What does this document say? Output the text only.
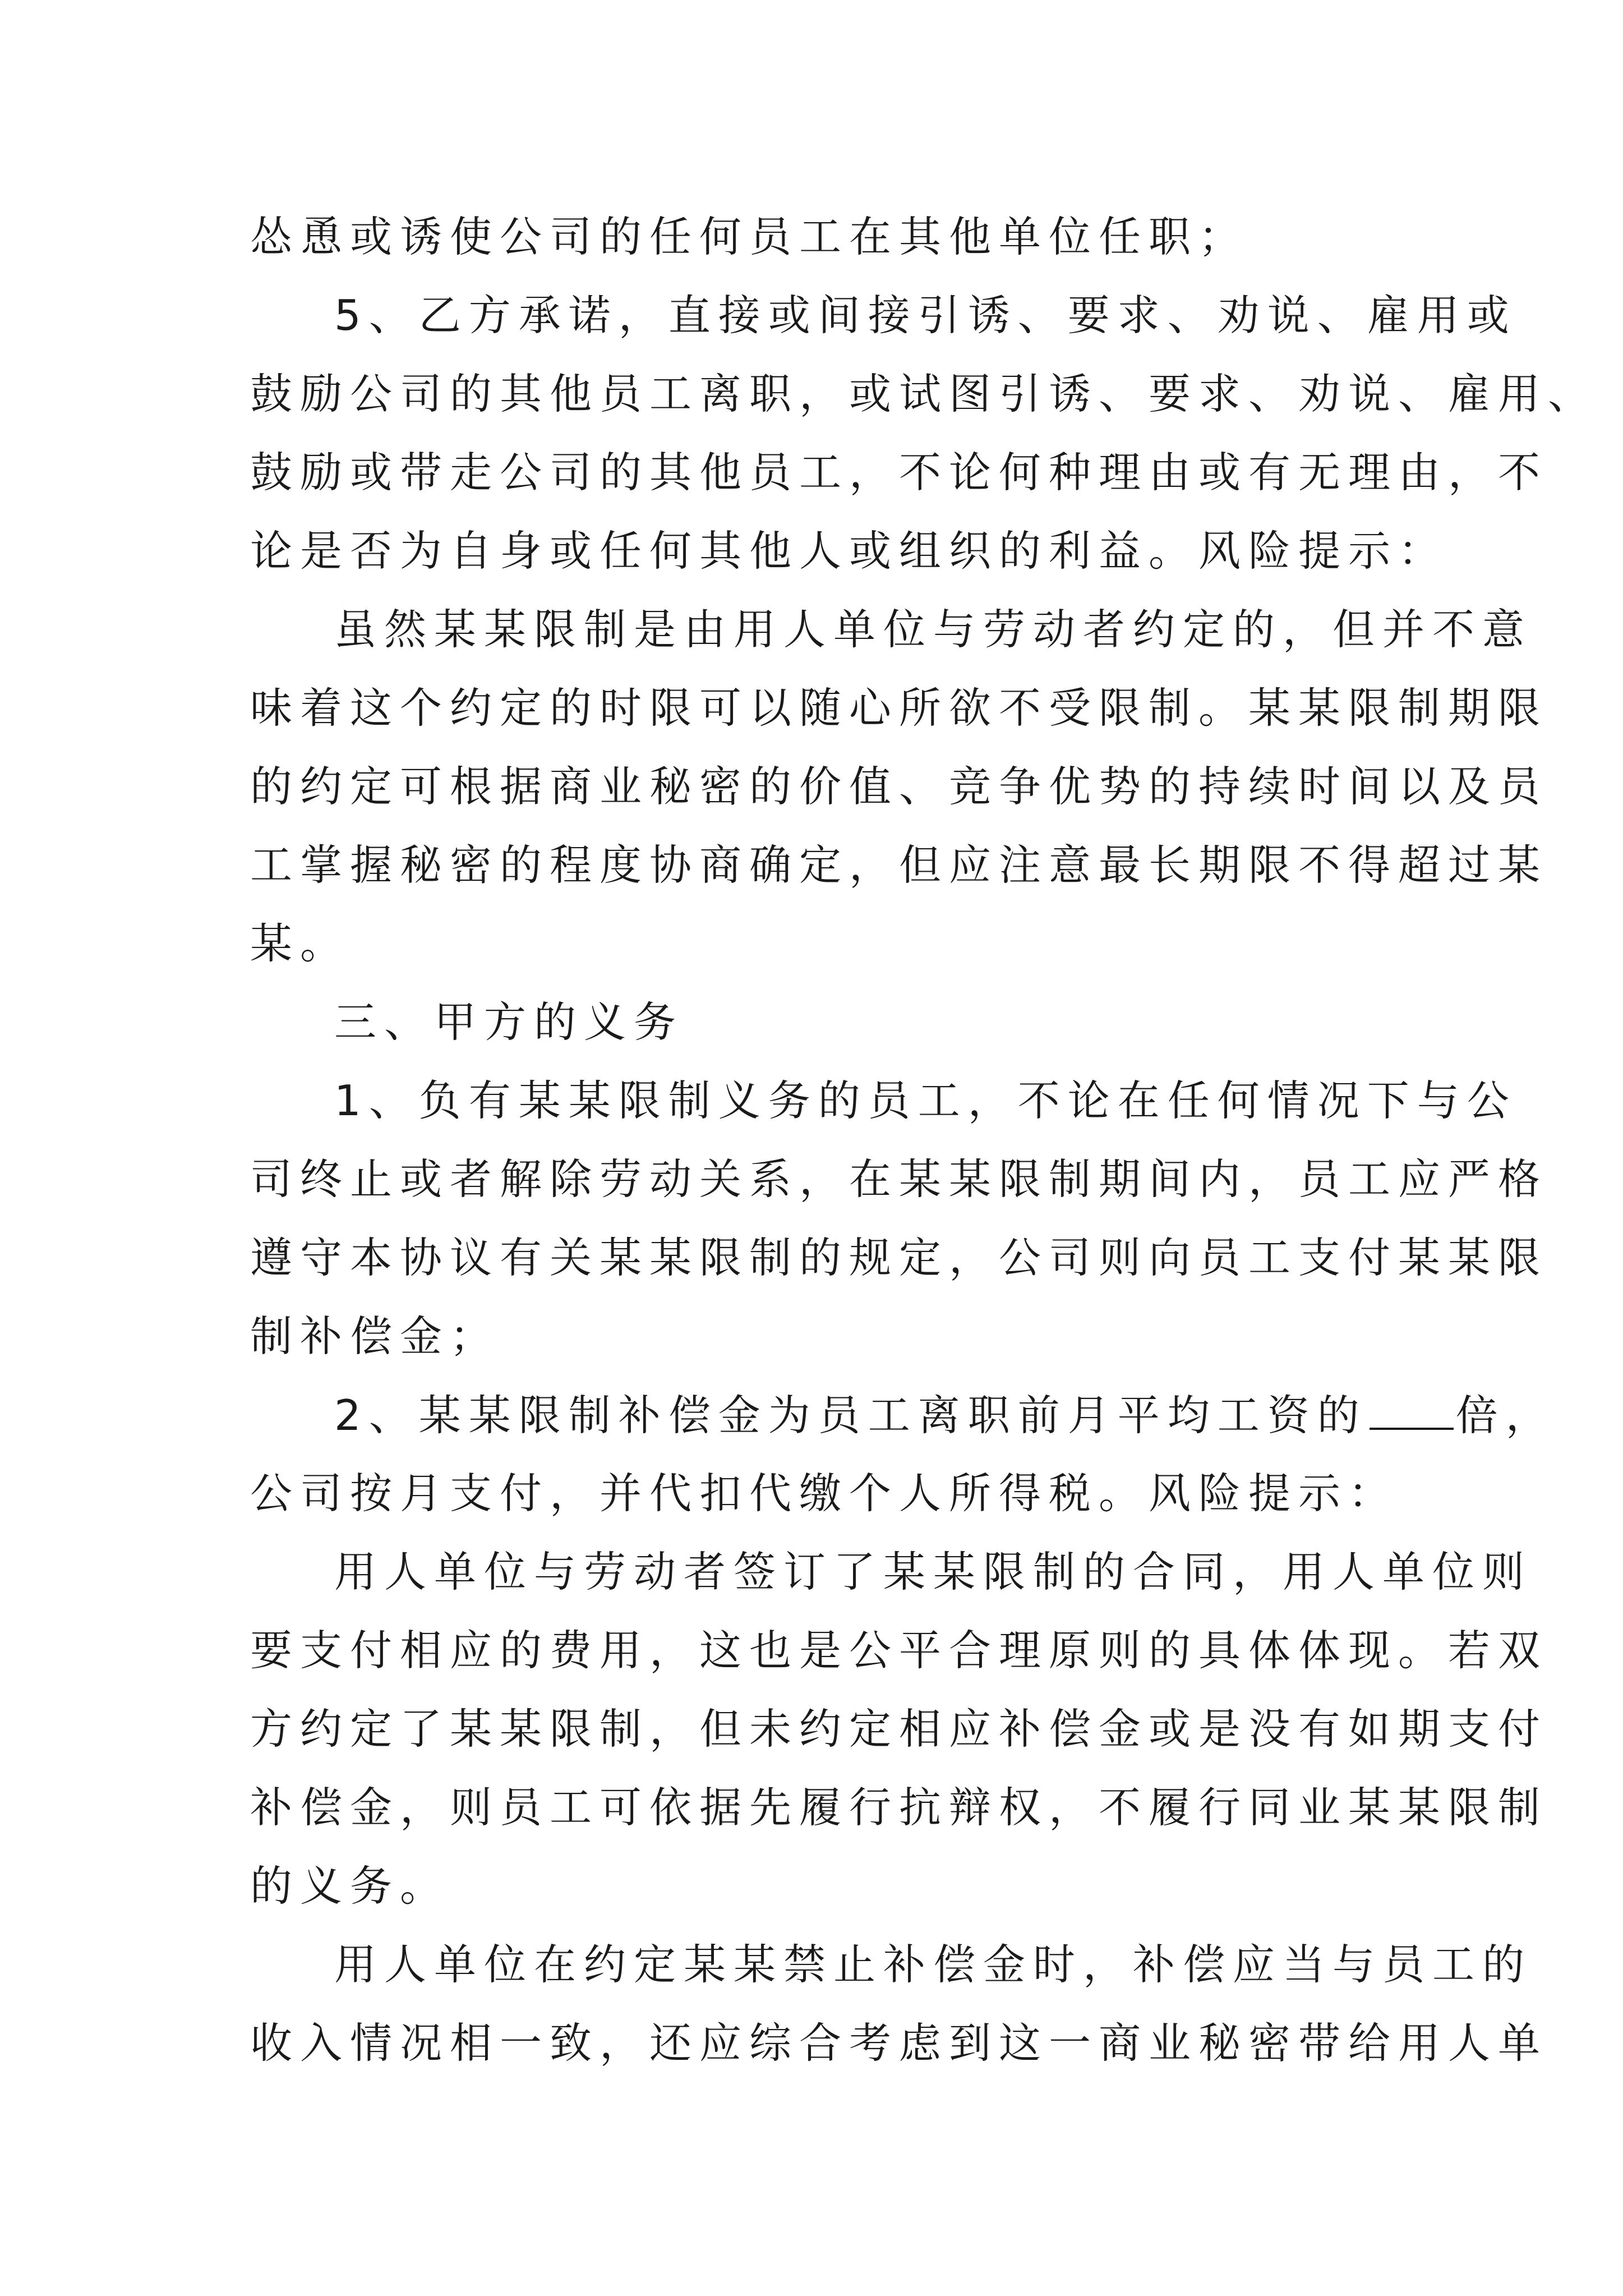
怂恿或诱使公司的任何员工在其他单位任职；
5、乙方承诺，直接或间接引诱、要求、劝说、雇用或
鼓励公司的其他员工离职，或试图引诱、要求、劝说、雇用、
鼓励或带走公司的其他员工，不论何种理由或有无理由，不
论是否为自身或任何其他人或组织的利益。风险提示：
虽然某某限制是由用人单位与劳动者约定的，但并不意
味着这个约定的时限可以随心所欲不受限制。某某限制期限
的约定可根据商业秘密的价值、竞争优势的持续时间以及员
工掌握秘密的程度协商确定，但应注意最长期限不得超过某
某。
三、甲方的义务
1、负有某某限制义务的员工，不论在任何情况下与公
司终止或者解除劳动关系，在某某限制期间内，员工应严格
遵守本协议有关某某限制的规定，公司则向员工支付某某限
制补偿金；
2、某某限制补偿金为员工离职前月平均工资的 倍，
公司按月支付，并代扣代缴个人所得税。风险提示：
用人单位与劳动者签订了某某限制的合同，用人单位则
要支付相应的费用，这也是公平合理原则的具体体现。若双
方约定了某某限制，但未约定相应补偿金或是没有如期支付
补偿金，则员工可依据先履行抗辩权，不履行同业某某限制
的义务。
用人单位在约定某某禁止补偿金时，补偿应当与员工的
收入情况相一致，还应综合考虑到这一商业秘密带给用人单
